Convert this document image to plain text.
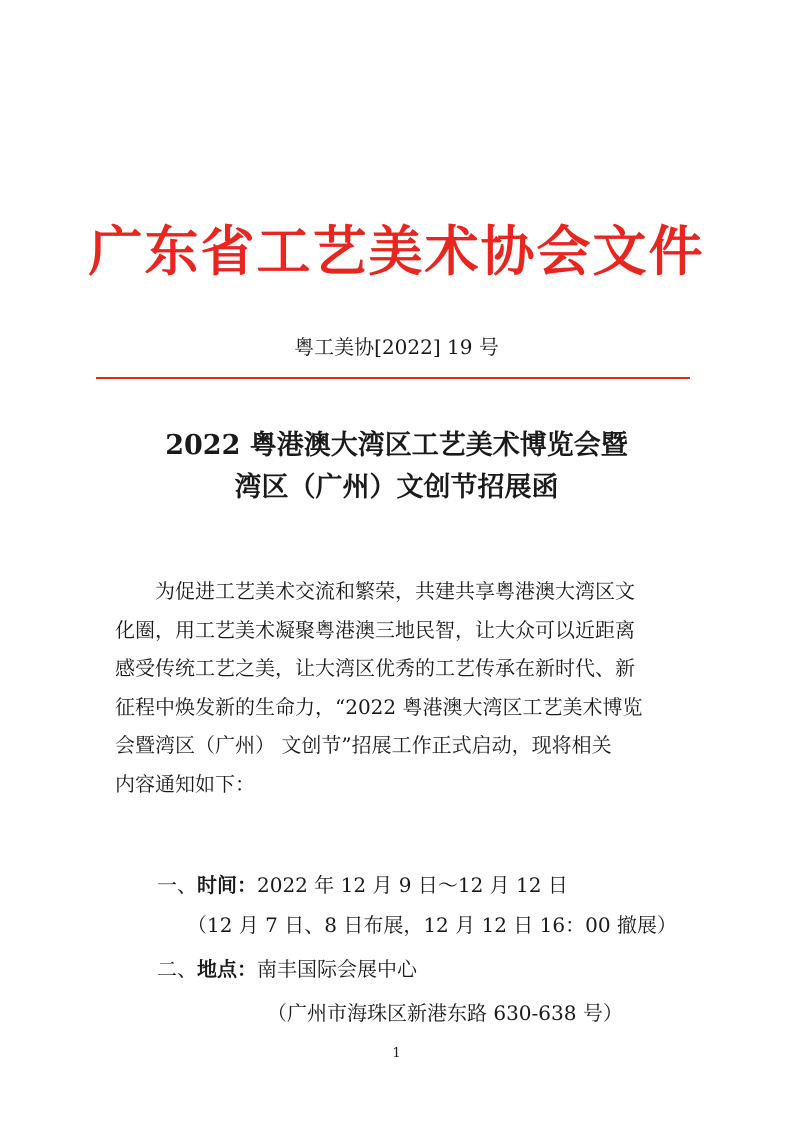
广东省工艺美术协会文件
粤工美协[2022] 19 号
2022 粤港澳大湾区工艺美术博览会暨
湾区（广州）文创节招展函
　　为促进工艺美术交流和繁荣，共建共享粤港澳大湾区文
化圈，用工艺美术凝聚粤港澳三地民智，让大众可以近距离
感受传统工艺之美，让大湾区优秀的工艺传承在新时代、新
征程中焕发新的生命力，“2022 粤港澳大湾区工艺美术博览
会暨湾区（广州） 文创节”招展工作正式启动，现将相关
内容通知如下：
一、时间：2022 年 12 月 9 日～12 月 12 日
（12 月 7 日、8 日布展，12 月 12 日 16：00 撤展）
二、地点：南丰国际会展中心
（广州市海珠区新港东路 630-638 号）
1
